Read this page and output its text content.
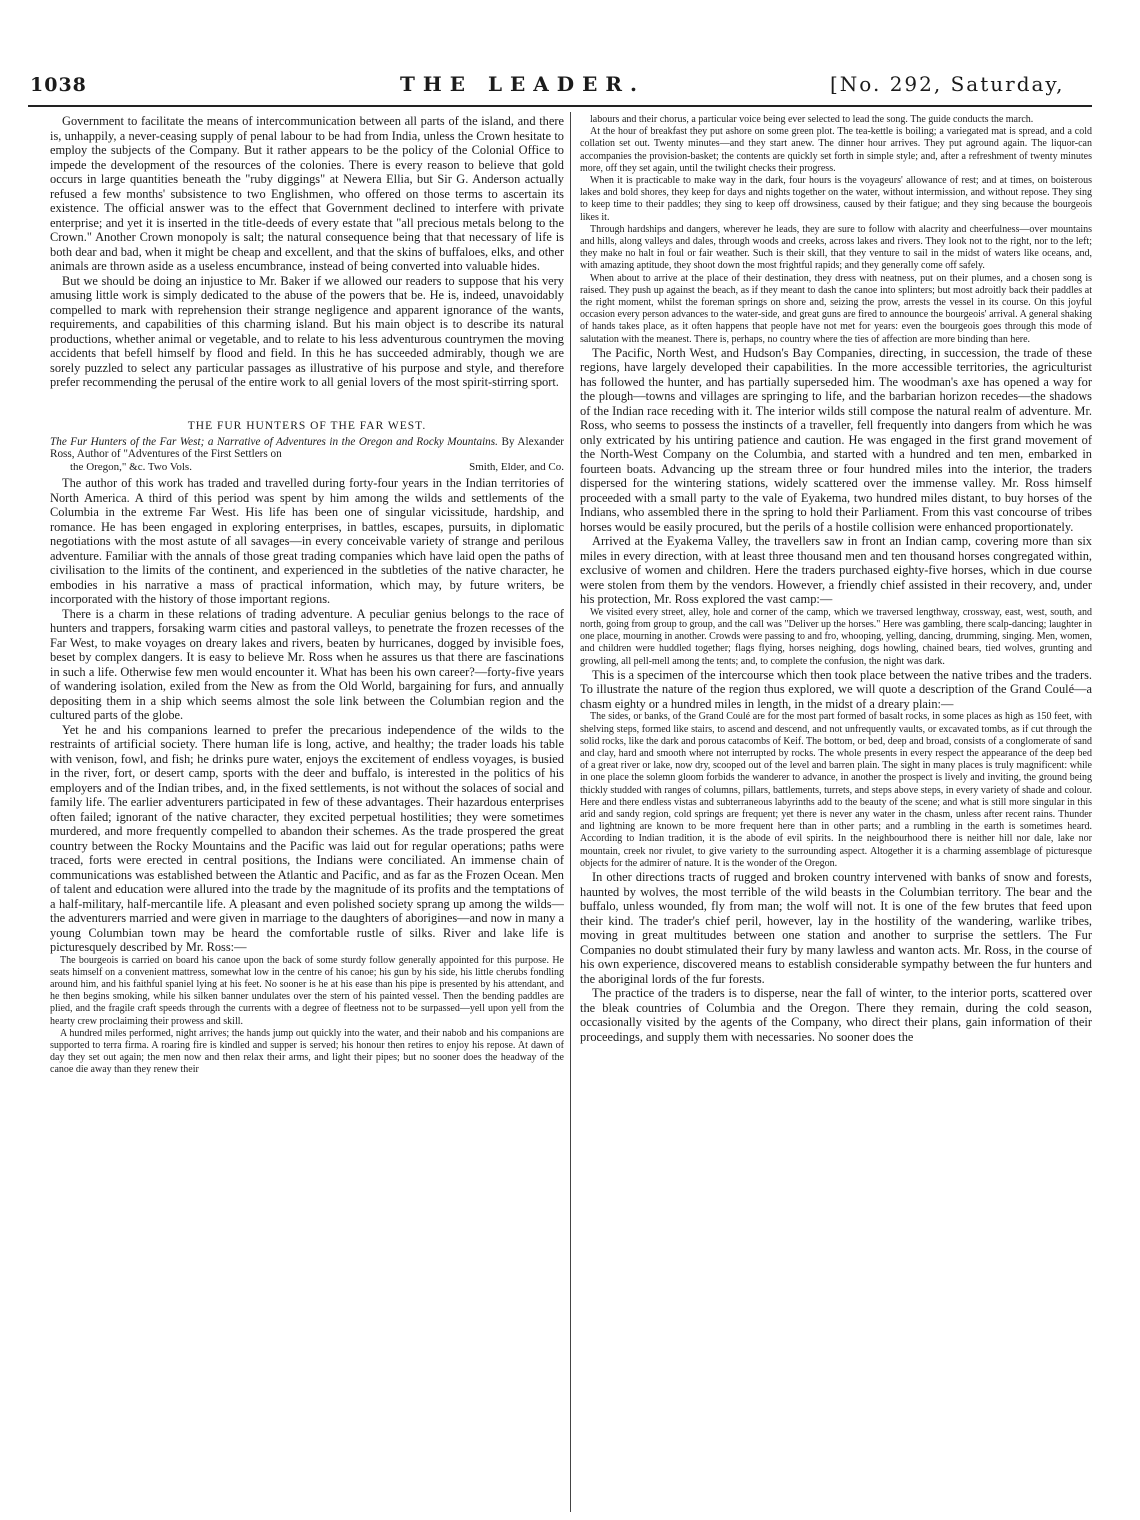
1038	THE LEADER.	[No. 292, Saturday,

Government to facilitate the means of intercommunication between all parts of the island, and there is, unhappily, a never-ceasing supply of penal labour to be had from India, unless the Crown hesitate to employ the subjects of the Company. But it rather appears to be the policy of the Colonial Office to impede the development of the resources of the colonies. There is every reason to believe that gold occurs in large quantities beneath the "ruby diggings" at Newera Ellia, but Sir G. Anderson actually refused a few months' subsistence to two Englishmen, who offered on those terms to ascertain its existence. The official answer was to the effect that Government declined to interfere with private enterprise; and yet it is inserted in the title-deeds of every estate that "all precious metals belong to the Crown." Another Crown monopoly is salt; the natural consequence being that that necessary of life is both dear and bad, when it might be cheap and excellent, and that the skins of buffaloes, elks, and other animals are thrown aside as a useless encumbrance, instead of being converted into valuable hides.

But we should be doing an injustice to Mr. Baker if we allowed our readers to suppose that his very amusing little work is simply dedicated to the abuse of the powers that be. He is, indeed, unavoidably compelled to mark with reprehension their strange negligence and apparent ignorance of the wants, requirements, and capabilities of this charming island. But his main object is to describe its natural productions, whether animal or vegetable, and to relate to his less adventurous countrymen the moving accidents that befell himself by flood and field. In this he has succeeded admirably, though we are sorely puzzled to select any particular passages as illustrative of his purpose and style, and therefore prefer recommending the perusal of the entire work to all genial lovers of the most spirit-stirring sport.

THE FUR HUNTERS OF THE FAR WEST.

The Fur Hunters of the Far West; a Narrative of Adventures in the Oregon and Rocky Mountains. By Alexander Ross, Author of "Adventures of the First Settlers on

the Oregon," &c. Two Vols.	Smith, Elder, and Co.

The author of this work has traded and travelled during forty-four years in the Indian territories of North America. A third of this period was spent by him among the wilds and settlements of the Columbia in the extreme Far West. His life has been one of singular vicissitude, hardship, and romance. He has been engaged in exploring enterprises, in battles, escapes, pursuits, in diplomatic negotiations with the most astute of all savages—in every conceivable variety of strange and perilous adventure. Familiar with the annals of those great trading companies which have laid open the paths of civilisation to the limits of the continent, and experienced in the subtleties of the native character, he embodies in his narrative a mass of practical information, which may, by future writers, be incorporated with the history of those important regions.

There is a charm in these relations of trading adventure. A peculiar genius belongs to the race of hunters and trappers, forsaking warm cities and pastoral valleys, to penetrate the frozen recesses of the Far West, to make voyages on dreary lakes and rivers, beaten by hurricanes, dogged by invisible foes, beset by complex dangers. It is easy to believe Mr. Ross when he assures us that there are fascinations in such a life. Otherwise few men would encounter it. What has been his own career?—forty-five years of wandering isolation, exiled from the New as from the Old World, bargaining for furs, and annually depositing them in a ship which seems almost the sole link between the Columbian region and the cultured parts of the globe.

Yet he and his companions learned to prefer the precarious independence of the wilds to the restraints of artificial society. There human life is long, active, and healthy; the trader loads his table with venison, fowl, and fish; he drinks pure water, enjoys the excitement of endless voyages, is busied in the river, fort, or desert camp, sports with the deer and buffalo, is interested in the politics of his employers and of the Indian tribes, and, in the fixed settlements, is not without the solaces of social and family life. The earlier adventurers participated in few of these advantages. Their hazardous enterprises often failed; ignorant of the native character, they excited perpetual hostilities; they were sometimes murdered, and more frequently compelled to abandon their schemes. As the trade prospered the great country between the Rocky Mountains and the Pacific was laid out for regular operations; paths were traced, forts were erected in central positions, the Indians were conciliated. An immense chain of communications was established between the Atlantic and Pacific, and as far as the Frozen Ocean. Men of talent and education were allured into the trade by the magnitude of its profits and the temptations of a half-military, half-mercantile life. A pleasant and even polished society sprang up among the wilds—the adventurers married and were given in marriage to the daughters of aborigines—and now in many a young Columbian town may be heard the comfortable rustle of silks. River and lake life is picturesquely described by Mr. Ross:—

The bourgeois is carried on board his canoe upon the back of some sturdy follow generally appointed for this purpose. He seats himself on a convenient mattress, somewhat low in the centre of his canoe; his gun by his side, his little cherubs fondling around him, and his faithful spaniel lying at his feet. No sooner is he at his ease than his pipe is presented by his attendant, and he then begins smoking, while his silken banner undulates over the stern of his painted vessel. Then the bending paddles are plied, and the fragile craft speeds through the currents with a degree of fleetness not to be surpassed—yell upon yell from the hearty crew proclaiming their prowess and skill.

A hundred miles performed, night arrives; the hands jump out quickly into the water, and their nabob and his companions are supported to terra firma. A roaring fire is kindled and supper is served; his honour then retires to enjoy his repose. At dawn of day they set out again; the men now and then relax their arms, and light their pipes; but no sooner does the headway of the canoe die away than they renew their

labours and their chorus, a particular voice being ever selected to lead the song. The guide conducts the march.

At the hour of breakfast they put ashore on some green plot. The tea-kettle is boiling; a variegated mat is spread, and a cold collation set out. Twenty minutes—and they start anew. The dinner hour arrives. They put aground again. The liquor-can accompanies the provision-basket; the contents are quickly set forth in simple style; and, after a refreshment of twenty minutes more, off they set again, until the twilight checks their progress.

When it is practicable to make way in the dark, four hours is the voyageurs' allowance of rest; and at times, on boisterous lakes and bold shores, they keep for days and nights together on the water, without intermission, and without repose. They sing to keep time to their paddles; they sing to keep off drowsiness, caused by their fatigue; and they sing because the bourgeois likes it.

Through hardships and dangers, wherever he leads, they are sure to follow with alacrity and cheerfulness—over mountains and hills, along valleys and dales, through woods and creeks, across lakes and rivers. They look not to the right, nor to the left; they make no halt in foul or fair weather. Such is their skill, that they venture to sail in the midst of waters like oceans, and, with amazing aptitude, they shoot down the most frightful rapids; and they generally come off safely.

When about to arrive at the place of their destination, they dress with neatness, put on their plumes, and a chosen song is raised. They push up against the beach, as if they meant to dash the canoe into splinters; but most adroitly back their paddles at the right moment, whilst the foreman springs on shore and, seizing the prow, arrests the vessel in its course. On this joyful occasion every person advances to the water-side, and great guns are fired to announce the bourgeois' arrival. A general shaking of hands takes place, as it often happens that people have not met for years: even the bourgeois goes through this mode of salutation with the meanest. There is, perhaps, no country where the ties of affection are more binding than here.

The Pacific, North West, and Hudson's Bay Companies, directing, in succession, the trade of these regions, have largely developed their capabilities. In the more accessible territories, the agriculturist has followed the hunter, and has partially superseded him. The woodman's axe has opened a way for the plough—towns and villages are springing to life, and the barbarian horizon recedes—the shadows of the Indian race receding with it. The interior wilds still compose the natural realm of adventure. Mr. Ross, who seems to possess the instincts of a traveller, fell frequently into dangers from which he was only extricated by his untiring patience and caution. He was engaged in the first grand movement of the North-West Company on the Columbia, and started with a hundred and ten men, embarked in fourteen boats. Advancing up the stream three or four hundred miles into the interior, the traders dispersed for the wintering stations, widely scattered over the immense valley. Mr. Ross himself proceeded with a small party to the vale of Eyakema, two hundred miles distant, to buy horses of the Indians, who assembled there in the spring to hold their Parliament. From this vast concourse of tribes horses would be easily procured, but the perils of a hostile collision were enhanced proportionately.

Arrived at the Eyakema Valley, the travellers saw in front an Indian camp, covering more than six miles in every direction, with at least three thousand men and ten thousand horses congregated within, exclusive of women and children. Here the traders purchased eighty-five horses, which in due course were stolen from them by the vendors. However, a friendly chief assisted in their recovery, and, under his protection, Mr. Ross explored the vast camp:—

We visited every street, alley, hole and corner of the camp, which we traversed lengthway, crossway, east, west, south, and north, going from group to group, and the call was "Deliver up the horses." Here was gambling, there scalp-dancing; laughter in one place, mourning in another. Crowds were passing to and fro, whooping, yelling, dancing, drumming, singing. Men, women, and children were huddled together; flags flying, horses neighing, dogs howling, chained bears, tied wolves, grunting and growling, all pell-mell among the tents; and, to complete the confusion, the night was dark.

This is a specimen of the intercourse which then took place between the native tribes and the traders. To illustrate the nature of the region thus explored, we will quote a description of the Grand Coulé—a chasm eighty or a hundred miles in length, in the midst of a dreary plain:—

The sides, or banks, of the Grand Coulé are for the most part formed of basalt rocks, in some places as high as 150 feet, with shelving steps, formed like stairs, to ascend and descend, and not unfrequently vaults, or excavated tombs, as if cut through the solid rocks, like the dark and porous catacombs of Keif. The bottom, or bed, deep and broad, consists of a conglomerate of sand and clay, hard and smooth where not interrupted by rocks. The whole presents in every respect the appearance of the deep bed of a great river or lake, now dry, scooped out of the level and barren plain. The sight in many places is truly magnificent: while in one place the solemn gloom forbids the wanderer to advance, in another the prospect is lively and inviting, the ground being thickly studded with ranges of columns, pillars, battlements, turrets, and steps above steps, in every variety of shade and colour. Here and there endless vistas and subterraneous labyrinths add to the beauty of the scene; and what is still more singular in this arid and sandy region, cold springs are frequent; yet there is never any water in the chasm, unless after recent rains. Thunder and lightning are known to be more frequent here than in other parts; and a rumbling in the earth is sometimes heard. According to Indian tradition, it is the abode of evil spirits. In the neighbourhood there is neither hill nor dale, lake nor mountain, creek nor rivulet, to give variety to the surrounding aspect. Altogether it is a charming assemblage of picturesque objects for the admirer of nature. It is the wonder of the Oregon.

In other directions tracts of rugged and broken country intervened with banks of snow and forests, haunted by wolves, the most terrible of the wild beasts in the Columbian territory. The bear and the buffalo, unless wounded, fly from man; the wolf will not. It is one of the few brutes that feed upon their kind. The trader's chief peril, however, lay in the hostility of the wandering, warlike tribes, moving in great multitudes between one station and another to surprise the settlers. The Fur Companies no doubt stimulated their fury by many lawless and wanton acts. Mr. Ross, in the course of his own experience, discovered means to establish considerable sympathy between the fur hunters and the aboriginal lords of the fur forests.

The practice of the traders is to disperse, near the fall of winter, to the interior ports, scattered over the bleak countries of Columbia and the Oregon. There they remain, during the cold season, occasionally visited by the agents of the Company, who direct their plans, gain information of their proceedings, and supply them with necessaries. No sooner does the
